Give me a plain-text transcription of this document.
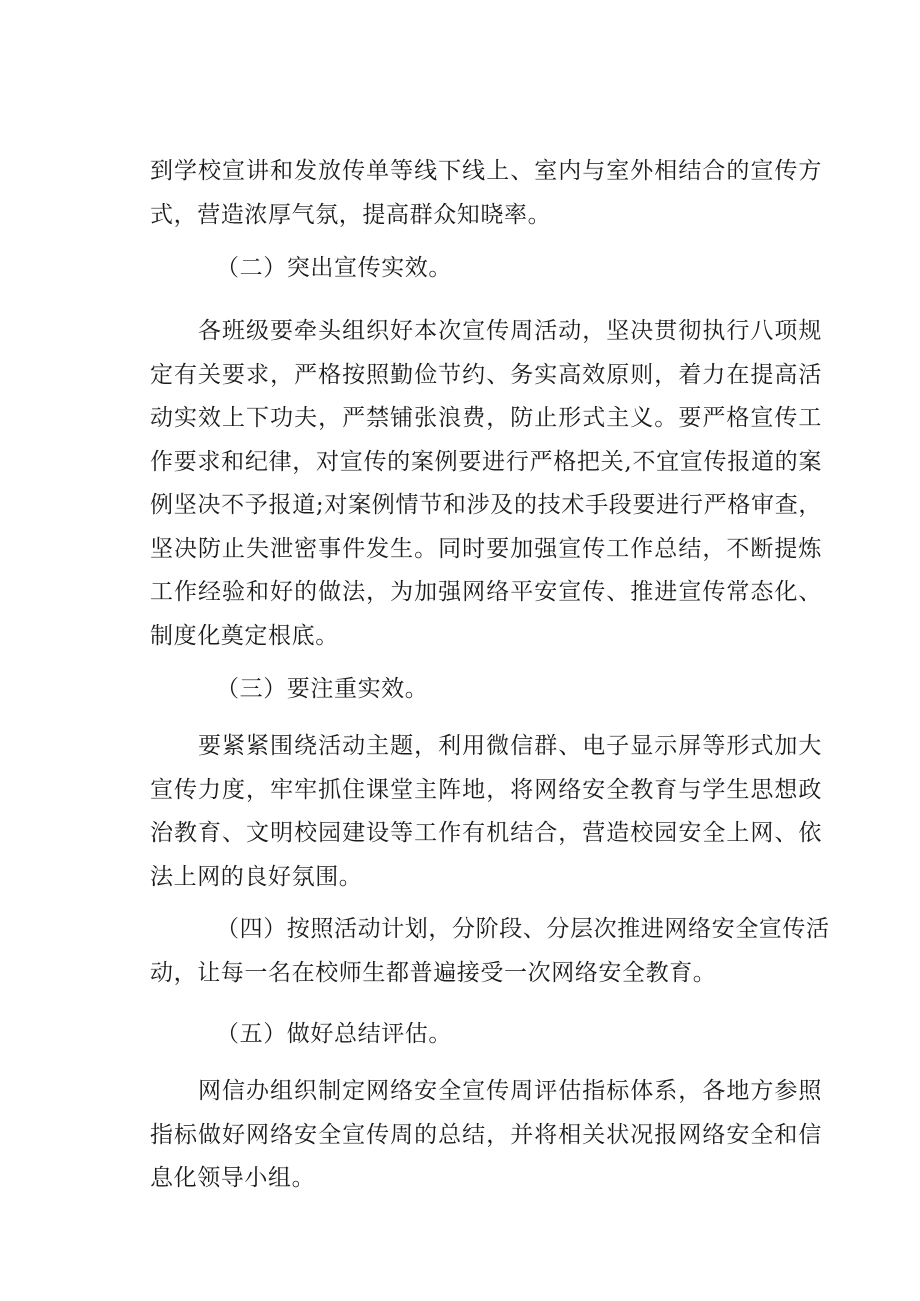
到学校宣讲和发放传单等线下线上、室内与室外相结合的宣传方式，营造浓厚气氛，提高群众知晓率。

（二）突出宣传实效。

各班级要牵头组织好本次宣传周活动，坚决贯彻执行八项规定有关要求，严格按照勤俭节约、务实高效原则，着力在提高活动实效上下功夫，严禁铺张浪费，防止形式主义。要严格宣传工作要求和纪律，对宣传的案例要进行严格把关,不宜宣传报道的案例坚决不予报道;对案例情节和涉及的技术手段要进行严格审查，坚决防止失泄密事件发生。同时要加强宣传工作总结，不断提炼工作经验和好的做法，为加强网络平安宣传、推进宣传常态化、制度化奠定根底。

（三）要注重实效。

要紧紧围绕活动主题，利用微信群、电子显示屏等形式加大宣传力度，牢牢抓住课堂主阵地，将网络安全教育与学生思想政治教育、文明校园建设等工作有机结合，营造校园安全上网、依法上网的良好氛围。

（四）按照活动计划，分阶段、分层次推进网络安全宣传活动，让每一名在校师生都普遍接受一次网络安全教育。

（五）做好总结评估。

网信办组织制定网络安全宣传周评估指标体系，各地方参照指标做好网络安全宣传周的总结，并将相关状况报网络安全和信息化领导小组。
